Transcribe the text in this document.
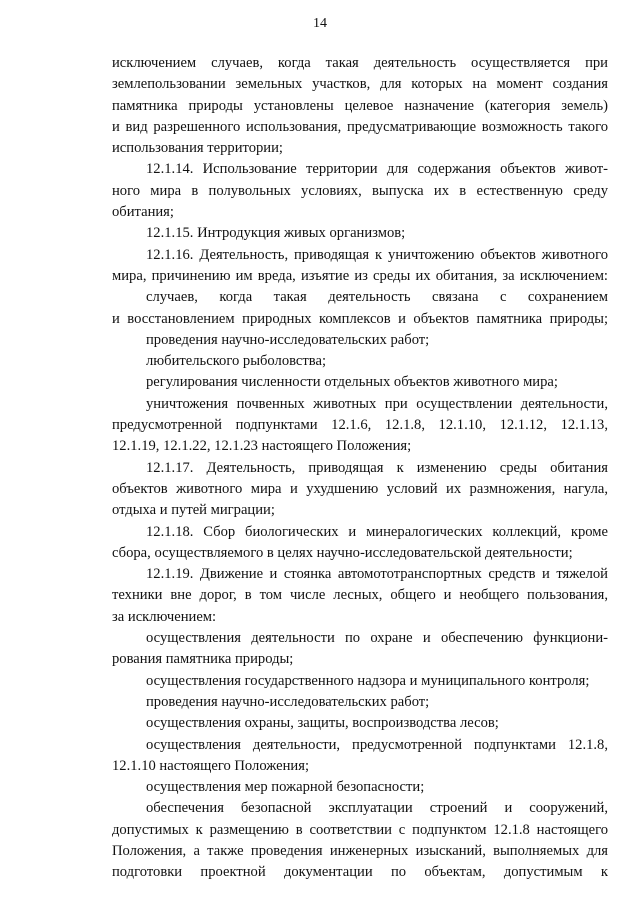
14
исключением случаев, когда такая деятельность осуществляется при
землепользовании земельных участков, для которых на момент создания
памятника природы установлены целевое назначение (категория земель)
и вид разрешенного использования, предусматривающие возможность такого
использования территории;
12.1.14. Использование территории для содержания объектов живот-
ного мира в полувольных условиях, выпуска их в естественную среду
обитания;
12.1.15. Интродукция живых организмов;
12.1.16. Деятельность, приводящая к уничтожению объектов животного
мира, причинению им вреда, изъятие из среды их обитания, за исключением:
случаев, когда такая деятельность связана с сохранением
и восстановлением природных комплексов и объектов памятника природы;
проведения научно-исследовательских работ;
любительского рыболовства;
регулирования численности отдельных объектов животного мира;
уничтожения почвенных животных при осуществлении деятельности,
предусмотренной подпунктами 12.1.6, 12.1.8, 12.1.10, 12.1.12, 12.1.13,
12.1.19, 12.1.22, 12.1.23 настоящего Положения;
12.1.17. Деятельность, приводящая к изменению среды обитания
объектов животного мира и ухудшению условий их размножения, нагула,
отдыха и путей миграции;
12.1.18. Сбор биологических и минералогических коллекций, кроме
сбора, осуществляемого в целях научно-исследовательской деятельности;
12.1.19. Движение и стоянка автомототранспортных средств и тяжелой
техники вне дорог, в том числе лесных, общего и необщего пользования,
за исключением:
осуществления деятельности по охране и обеспечению функциони-
рования памятника природы;
осуществления государственного надзора и муниципального контроля;
проведения научно-исследовательских работ;
осуществления охраны, защиты, воспроизводства лесов;
осуществления деятельности, предусмотренной подпунктами 12.1.8,
12.1.10 настоящего Положения;
осуществления мер пожарной безопасности;
обеспечения безопасной эксплуатации строений и сооружений,
допустимых к размещению в соответствии с подпунктом 12.1.8 настоящего
Положения, а также проведения инженерных изысканий, выполняемых для
подготовки проектной документации по объектам, допустимым к
